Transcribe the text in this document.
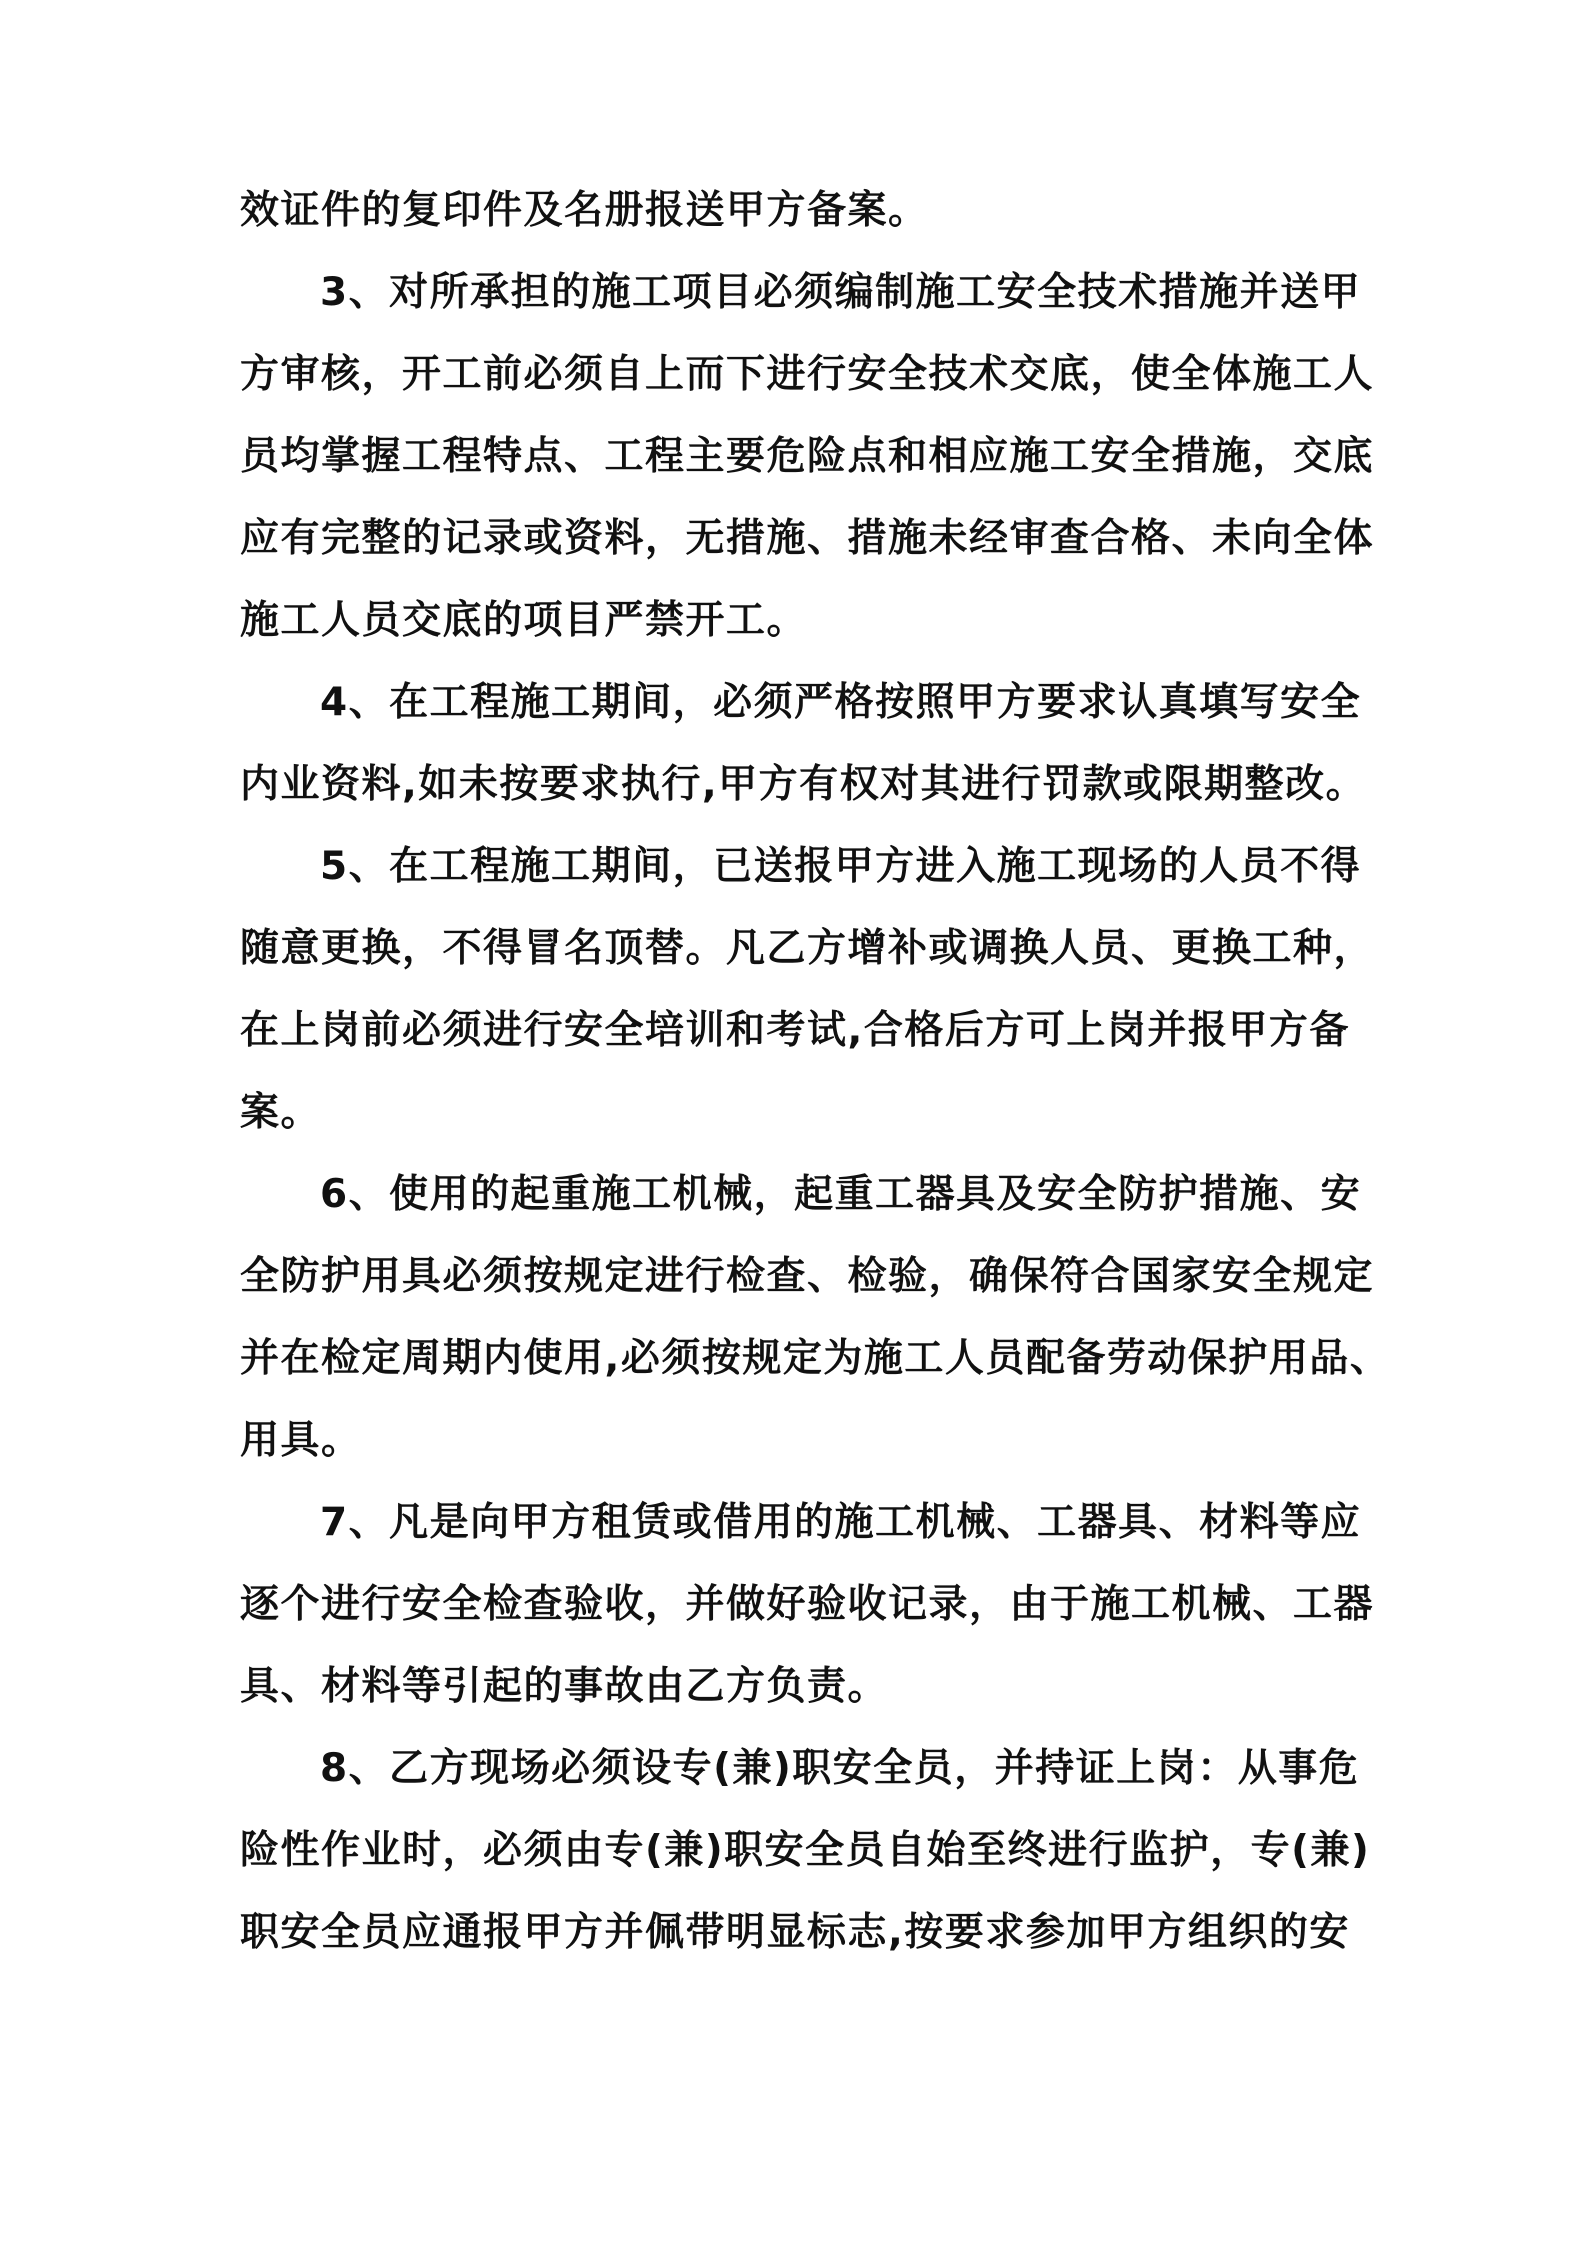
效证件的复印件及名册报送甲方备案。
3、对所承担的施工项目必须编制施工安全技术措施并送甲
方审核，开工前必须自上而下进行安全技术交底，使全体施工人
员均掌握工程特点、工程主要危险点和相应施工安全措施，交底
应有完整的记录或资料，无措施、措施未经审查合格、未向全体
施工人员交底的项目严禁开工。
4、在工程施工期间，必须严格按照甲方要求认真填写安全
内业资料,如未按要求执行,甲方有权对其进行罚款或限期整改。
5、在工程施工期间，已送报甲方进入施工现场的人员不得
随意更换，不得冒名顶替。凡乙方增补或调换人员、更换工种，
在上岗前必须进行安全培训和考试,合格后方可上岗并报甲方备
案。
6、使用的起重施工机械，起重工器具及安全防护措施、安
全防护用具必须按规定进行检查、检验，确保符合国家安全规定
并在检定周期内使用,必须按规定为施工人员配备劳动保护用品、
用具。
7、凡是向甲方租赁或借用的施工机械、工器具、材料等应
逐个进行安全检查验收，并做好验收记录，由于施工机械、工器
具、材料等引起的事故由乙方负责。
8、乙方现场必须设专(兼)职安全员，并持证上岗：从事危
险性作业时，必须由专(兼)职安全员自始至终进行监护，专(兼)
职安全员应通报甲方并佩带明显标志,按要求参加甲方组织的安
